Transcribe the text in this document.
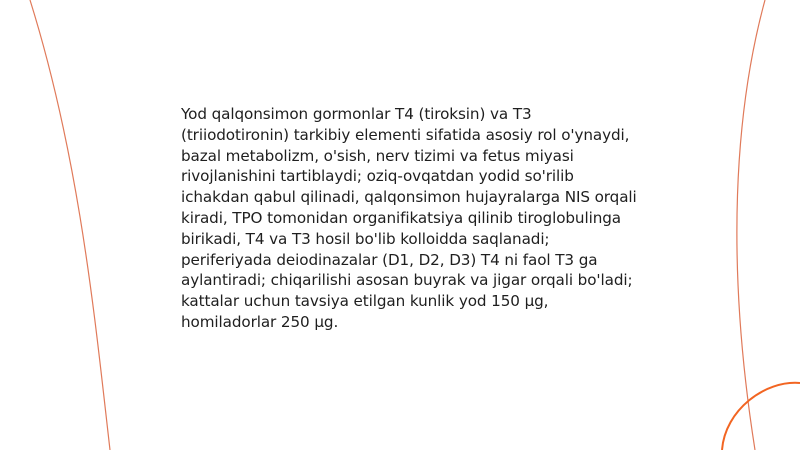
Yod qalqonsimon gormonlar T4 (tiroksin) va T3 (triiodotironin) tarkibiy elementi sifatida asosiy rol o'ynaydi, bazal metabolizm, o'sish, nerv tizimi va fetus miyasi rivojlanishini tartiblaydi; oziq-ovqatdan yodid so'rilib ichakdan qabul qilinadi, qalqonsimon hujayralarga NIS orqali kiradi, TPO tomonidan organifikatsiya qilinib tiroglobulinga birikadi, T4 va T3 hosil bo'lib kolloidda saqlanadi; periferiyada deiodinazalar (D1, D2, D3) T4 ni faol T3 ga aylantiradi; chiqarilishi asosan buyrak va jigar orqali bo'ladi; kattalar uchun tavsiya etilgan kunlik yod 150 µg, homiladorlar 250 µg.
